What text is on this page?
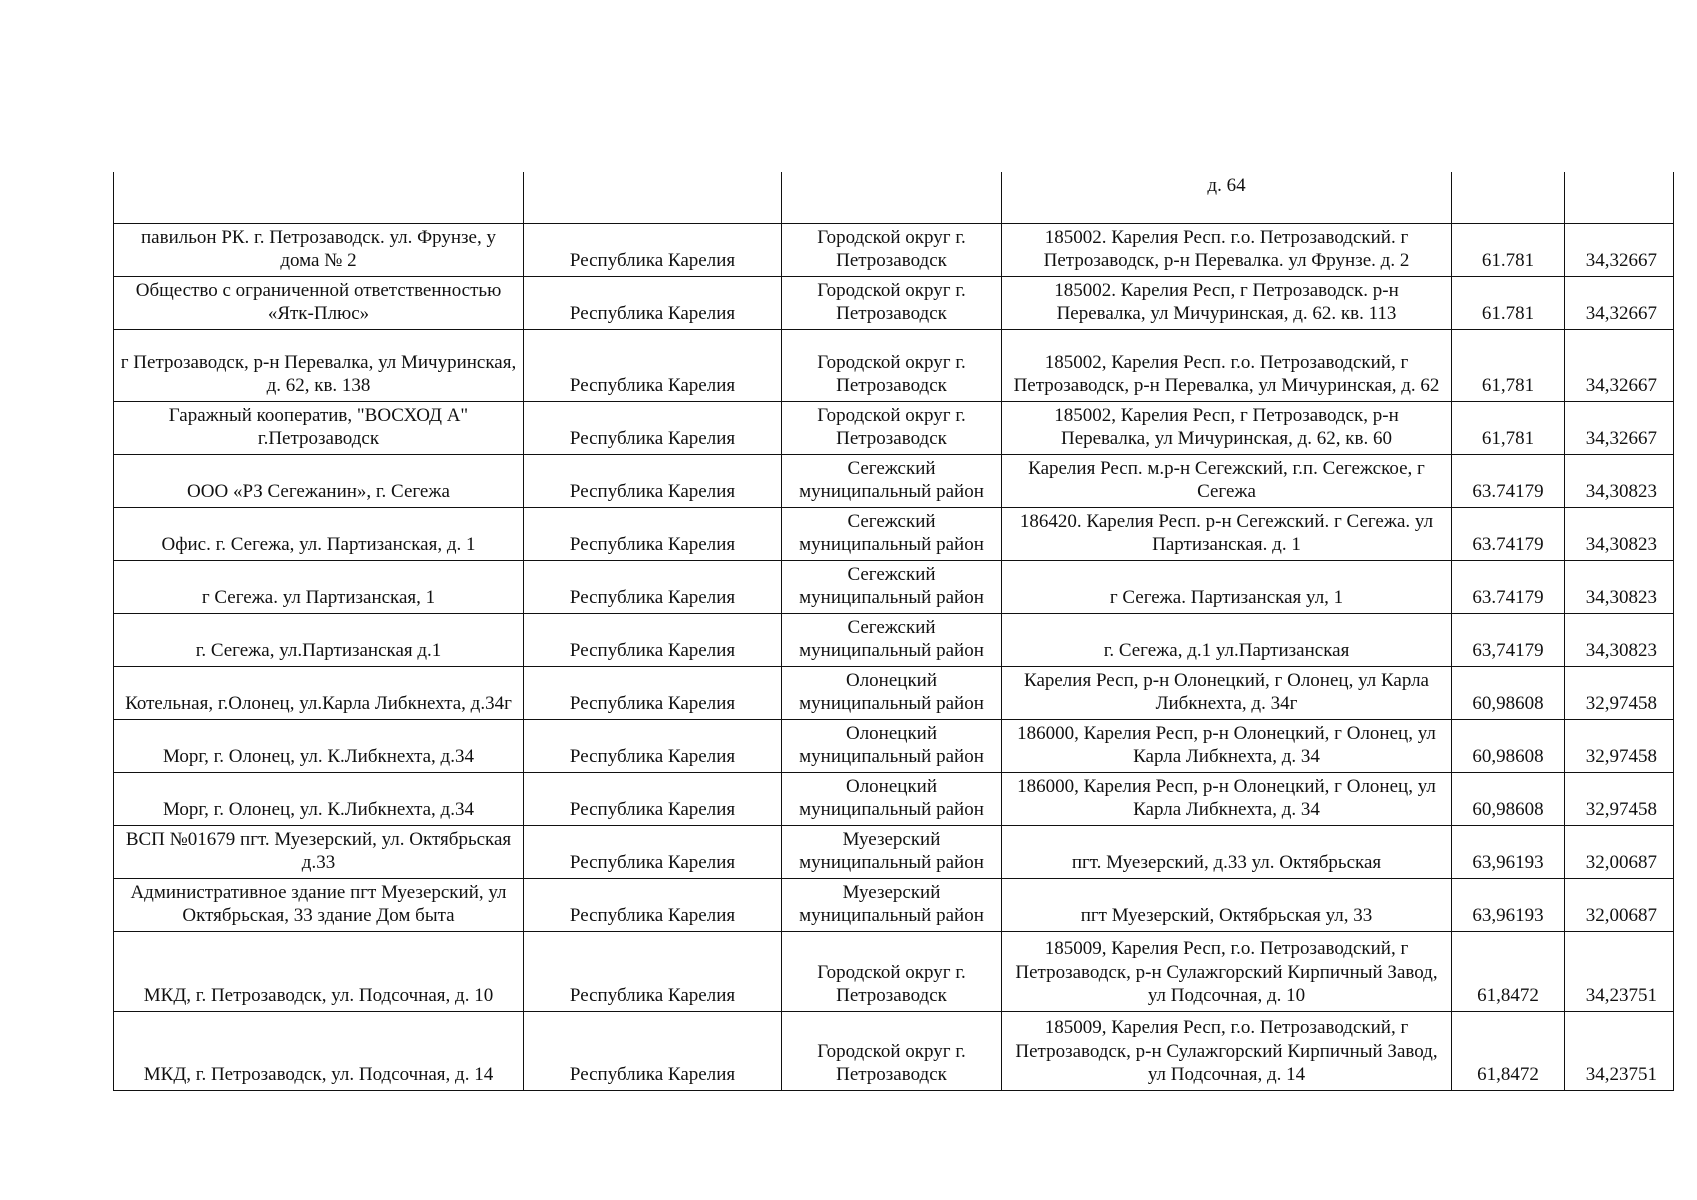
			д. 64		
павильон РК. г. Петрозаводск. ул. Фрунзе, у дома № 2	Республика Карелия	Городской округ г. Петрозаводск	185002. Карелия Респ. г.о. Петрозаводский. г Петрозаводск, р-н Перевалка. ул Фрунзе. д. 2	61.781	34,32667
Общество с ограниченной ответственностью «Ятк-Плюс»	Республика Карелия	Городской округ г. Петрозаводск	185002. Карелия Респ, г Петрозаводск. р-н Перевалка, ул Мичуринская, д. 62. кв. 113	61.781	34,32667
г Петрозаводск, р-н Перевалка, ул Мичуринская, д. 62, кв. 138	Республика Карелия	Городской округ г. Петрозаводск	185002, Карелия Респ. г.о. Петрозаводский, г Петрозаводск, р-н Перевалка, ул Мичуринская, д. 62	61,781	34,32667
Гаражный кооператив, "ВОСХОД А" г.Петрозаводск	Республика Карелия	Городской округ г. Петрозаводск	185002, Карелия Респ, г Петрозаводск, р-н Перевалка, ул Мичуринская, д. 62, кв. 60	61,781	34,32667
ООО «РЗ Сегежанин», г. Сегежа	Республика Карелия	Сегежский муниципальный район	Карелия Респ. м.р-н Сегежский, г.п. Сегежское, г Сегежа	63.74179	34,30823
Офис. г. Сегежа, ул. Партизанская, д. 1	Республика Карелия	Сегежский муниципальный район	186420. Карелия Респ. р-н Сегежский. г Сегежа. ул Партизанская. д. 1	63.74179	34,30823
г Сегежа. ул Партизанская, 1	Республика Карелия	Сегежский муниципальный район	г Сегежа. Партизанская ул, 1	63.74179	34,30823
г. Сегежа, ул.Партизанская д.1	Республика Карелия	Сегежский муниципальный район	г. Сегежа, д.1 ул.Партизанская	63,74179	34,30823
Котельная, г.Олонец, ул.Карла Либкнехта, д.34г	Республика Карелия	Олонецкий муниципальный район	Карелия Респ, р-н Олонецкий, г Олонец, ул Карла Либкнехта, д. 34г	60,98608	32,97458
Морг, г. Олонец, ул. К.Либкнехта, д.34	Республика Карелия	Олонецкий муниципальный район	186000, Карелия Респ, р-н Олонецкий, г Олонец, ул Карла Либкнехта, д. 34	60,98608	32,97458
Морг, г. Олонец, ул. К.Либкнехта, д.34	Республика Карелия	Олонецкий муниципальный район	186000, Карелия Респ, р-н Олонецкий, г Олонец, ул Карла Либкнехта, д. 34	60,98608	32,97458
ВСП №01679 пгт. Муезерский, ул. Октябрьская д.33	Республика Карелия	Муезерский муниципальный район	пгт. Муезерский, д.33 ул. Октябрьская	63,96193	32,00687
Административное здание пгт Муезерский, ул Октябрьская, 33 здание Дом быта	Республика Карелия	Муезерский муниципальный район	пгт Муезерский, Октябрьская ул, 33	63,96193	32,00687
МКД, г. Петрозаводск, ул. Подсочная, д. 10	Республика Карелия	Городской округ г. Петрозаводск	185009, Карелия Респ, г.о. Петрозаводский, г Петрозаводск, р-н Сулажгорский Кирпичный Завод, ул Подсочная, д. 10	61,8472	34,23751
МКД, г. Петрозаводск, ул. Подсочная, д. 14	Республика Карелия	Городской округ г. Петрозаводск	185009, Карелия Респ, г.о. Петрозаводский, г Петрозаводск, р-н Сулажгорский Кирпичный Завод, ул Подсочная, д. 14	61,8472	34,23751
